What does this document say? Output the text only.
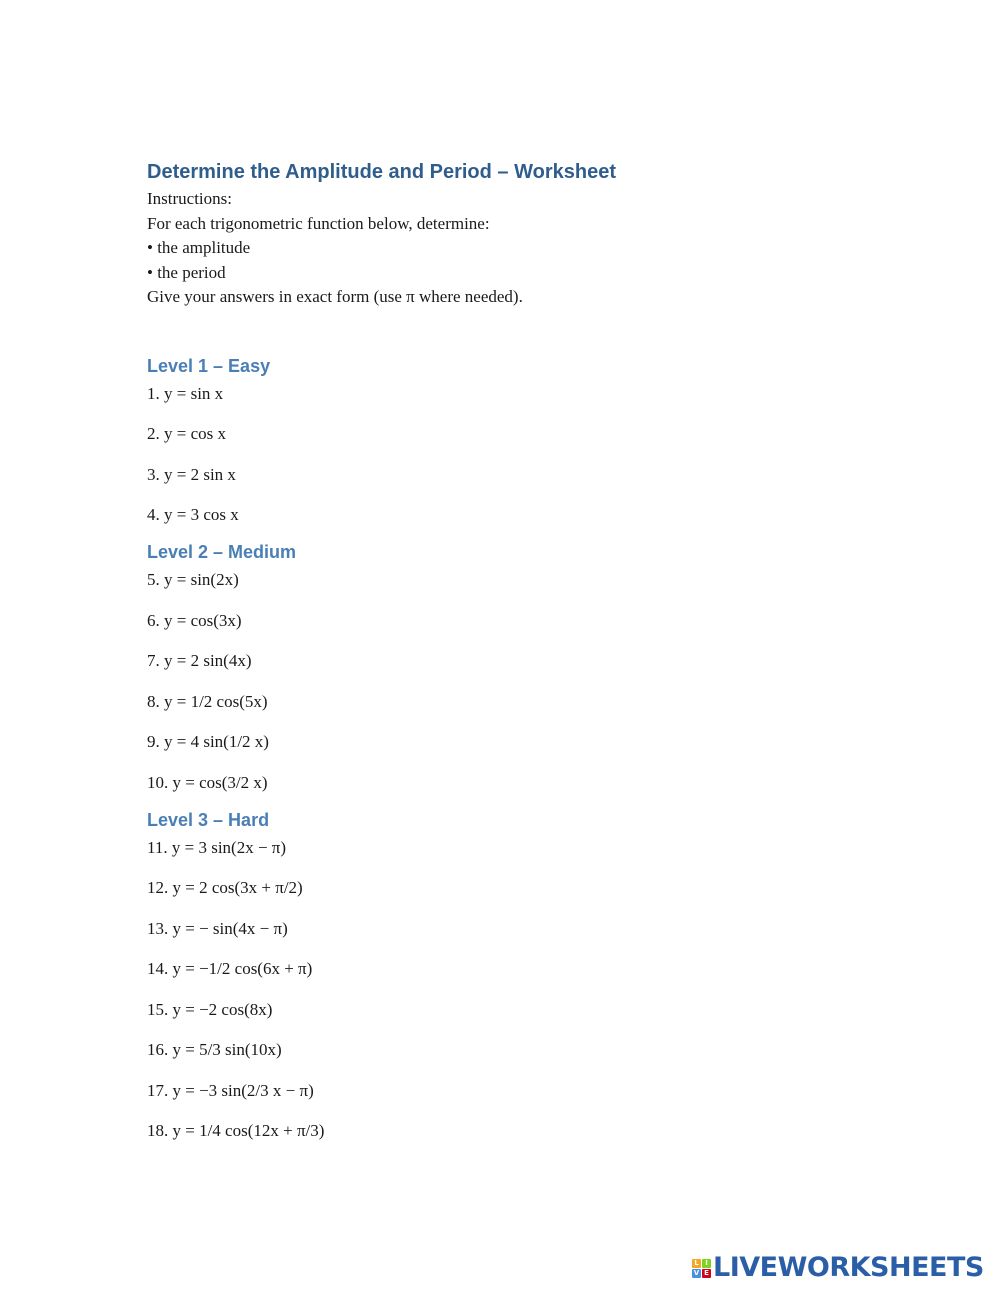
Determine the Amplitude and Period – Worksheet

Instructions:

For each trigonometric function below, determine:

• the amplitude

• the period

Give your answers in exact form (use π where needed).

Level 1 – Easy

1. y = sin x

2. y = cos x

3. y = 2 sin x

4. y = 3 cos x

Level 2 – Medium

5. y = sin(2x)

6. y = cos(3x)

7. y = 2 sin(4x)

8. y = 1/2 cos(5x)

9. y = 4 sin(1/2 x)

10. y = cos(3/2 x)

Level 3 – Hard

11. y = 3 sin(2x − π)

12. y = 2 cos(3x + π/2)

13. y = − sin(4x − π)

14. y = −1/2 cos(6x + π)

15. y = −2 cos(8x)

16. y = 5/3 sin(10x)

17. y = −3 sin(2/3 x − π)

18. y = 1/4 cos(12x + π/3)

L I
V E LIVEWORKSHEETS
